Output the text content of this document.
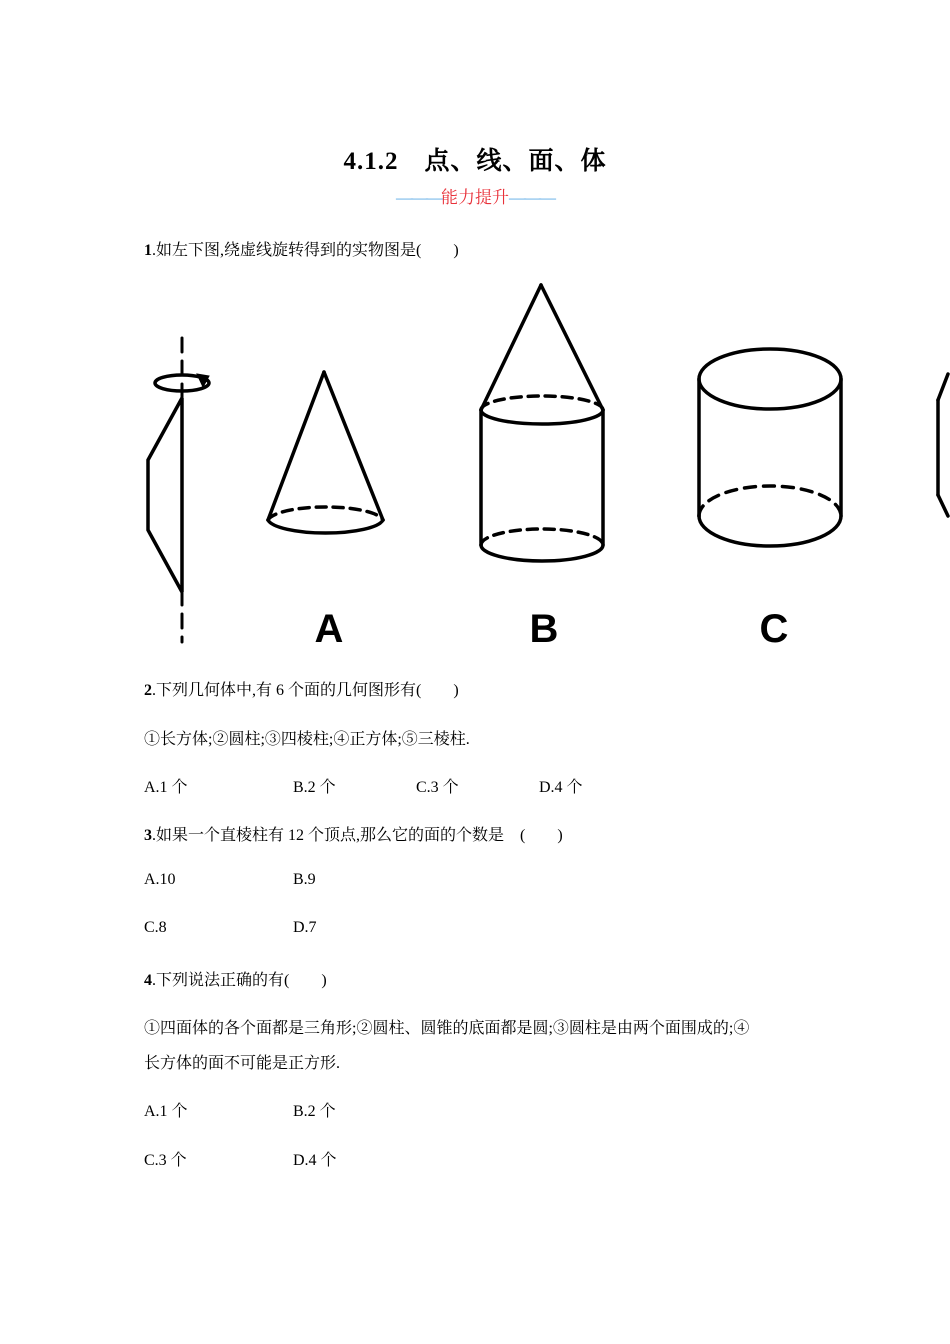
4.1.2　点、线、面、体
———能力提升———
1.如左下图,绕虚线旋转得到的实物图是(　　)
A	B	C
2.下列几何体中,有 6 个面的几何图形有(　　)
①长方体;②圆柱;③四棱柱;④正方体;⑤三棱柱.
A.1 个	B.2 个	C.3 个	D.4 个
3.如果一个直棱柱有 12 个顶点,那么它的面的个数是　(　　)
A.10	B.9
C.8	D.7
4.下列说法正确的有(　　)
①四面体的各个面都是三角形;②圆柱、圆锥的底面都是圆;③圆柱是由两个面围成的;④
长方体的面不可能是正方形.
A.1 个	B.2 个
C.3 个	D.4 个
